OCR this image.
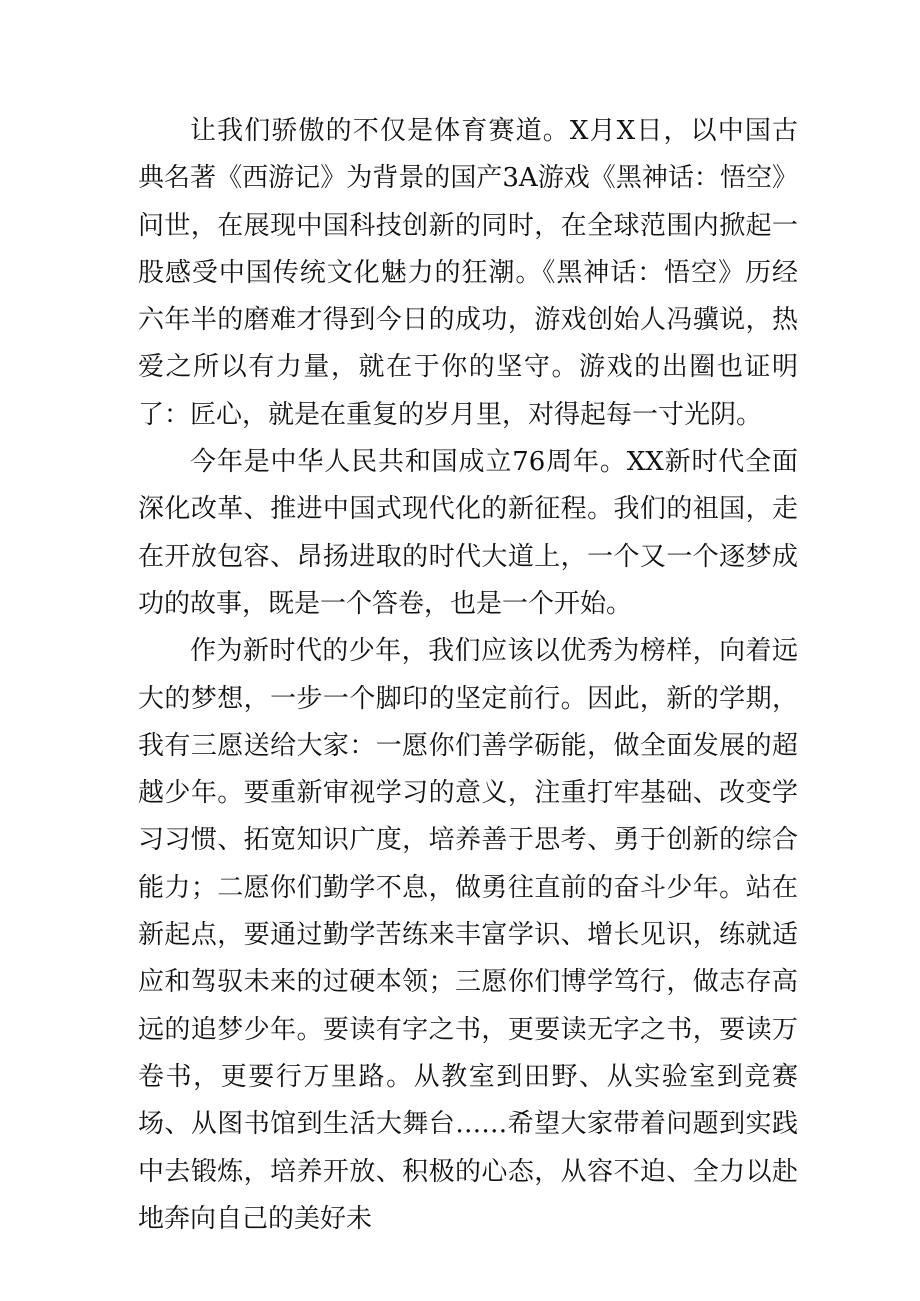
让我们骄傲的不仅是体育赛道。X月X日，以中国古典名著《西游记》为背景的国产3A游戏《黑神话：悟空》问世，在展现中国科技创新的同时，在全球范围内掀起一股感受中国传统文化魅力的狂潮。《黑神话：悟空》历经六年半的磨难才得到今日的成功，游戏创始人冯骥说，热爱之所以有力量，就在于你的坚守。游戏的出圈也证明了：匠心，就是在重复的岁月里，对得起每一寸光阴。

今年是中华人民共和国成立76周年。XX新时代全面深化改革、推进中国式现代化的新征程。我们的祖国，走在开放包容、昂扬进取的时代大道上，一个又一个逐梦成功的故事，既是一个答卷，也是一个开始。

作为新时代的少年，我们应该以优秀为榜样，向着远大的梦想，一步一个脚印的坚定前行。因此，新的学期，我有三愿送给大家：一愿你们善学砺能，做全面发展的超越少年。要重新审视学习的意义，注重打牢基础、改变学习习惯、拓宽知识广度，培养善于思考、勇于创新的综合能力；二愿你们勤学不息，做勇往直前的奋斗少年。站在新起点，要通过勤学苦练来丰富学识、增长见识，练就适应和驾驭未来的过硬本领；三愿你们博学笃行，做志存高远的追梦少年。要读有字之书，更要读无字之书，要读万卷书，更要行万里路。从教室到田野、从实验室到竞赛场、从图书馆到生活大舞台……希望大家带着问题到实践中去锻炼，培养开放、积极的心态，从容不迫、全力以赴地奔向自己的美好未
